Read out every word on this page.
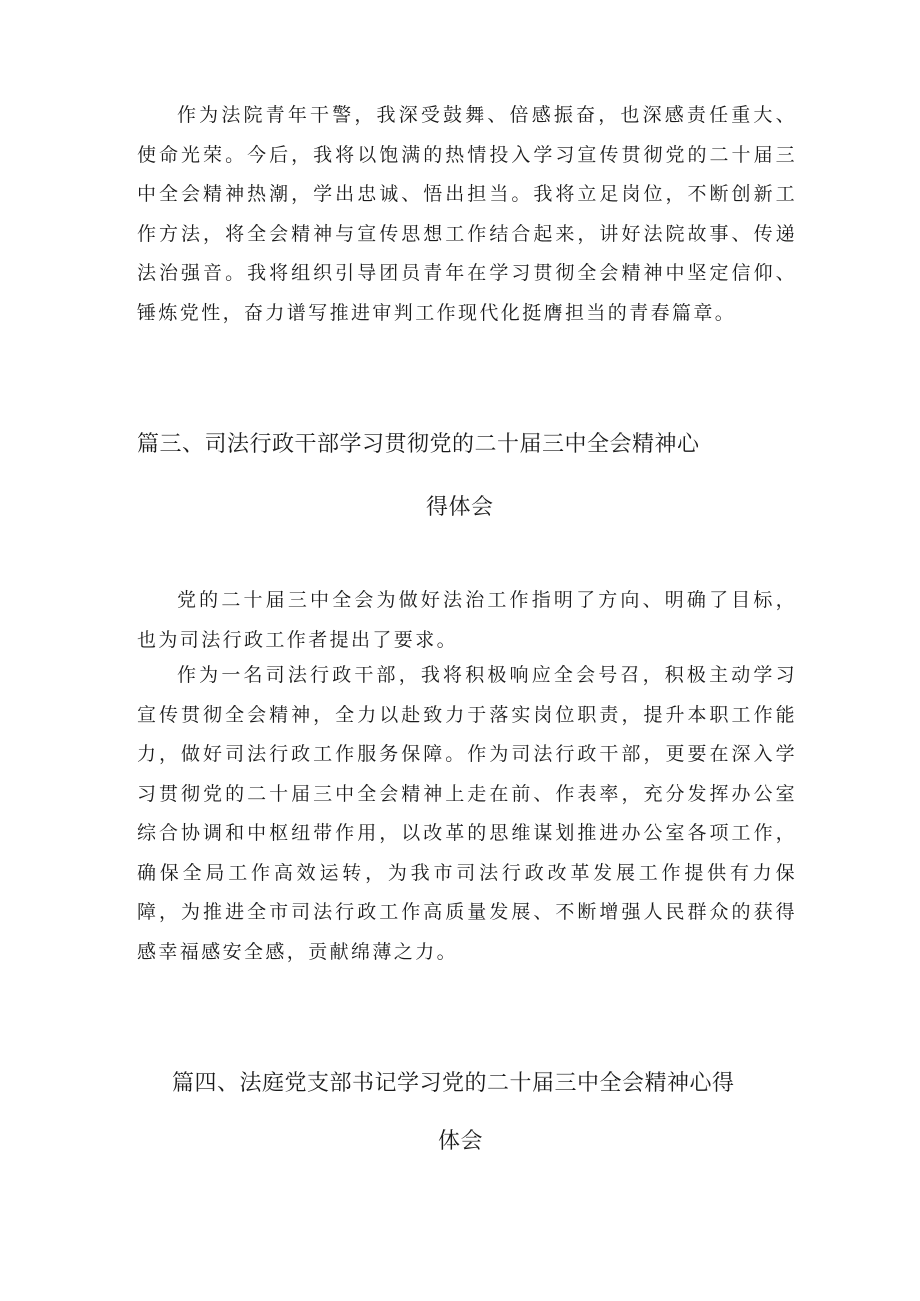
作为法院青年干警，我深受鼓舞、倍感振奋，也深感责任重大、使命光荣。今后，我将以饱满的热情投入学习宣传贯彻党的二十届三中全会精神热潮，学出忠诚、悟出担当。我将立足岗位，不断创新工作方法，将全会精神与宣传思想工作结合起来，讲好法院故事、传递法治强音。我将组织引导团员青年在学习贯彻全会精神中坚定信仰、锤炼党性，奋力谱写推进审判工作现代化挺膺担当的青春篇章。

篇三、司法行政干部学习贯彻党的二十届三中全会精神心
得体会

党的二十届三中全会为做好法治工作指明了方向、明确了目标，也为司法行政工作者提出了要求。

作为一名司法行政干部，我将积极响应全会号召，积极主动学习宣传贯彻全会精神，全力以赴致力于落实岗位职责，提升本职工作能力，做好司法行政工作服务保障。作为司法行政干部，更要在深入学习贯彻党的二十届三中全会精神上走在前、作表率，充分发挥办公室综合协调和中枢纽带作用，以改革的思维谋划推进办公室各项工作，确保全局工作高效运转，为我市司法行政改革发展工作提供有力保障，为推进全市司法行政工作高质量发展、不断增强人民群众的获得感幸福感安全感，贡献绵薄之力。

篇四、法庭党支部书记学习党的二十届三中全会精神心得
体会
